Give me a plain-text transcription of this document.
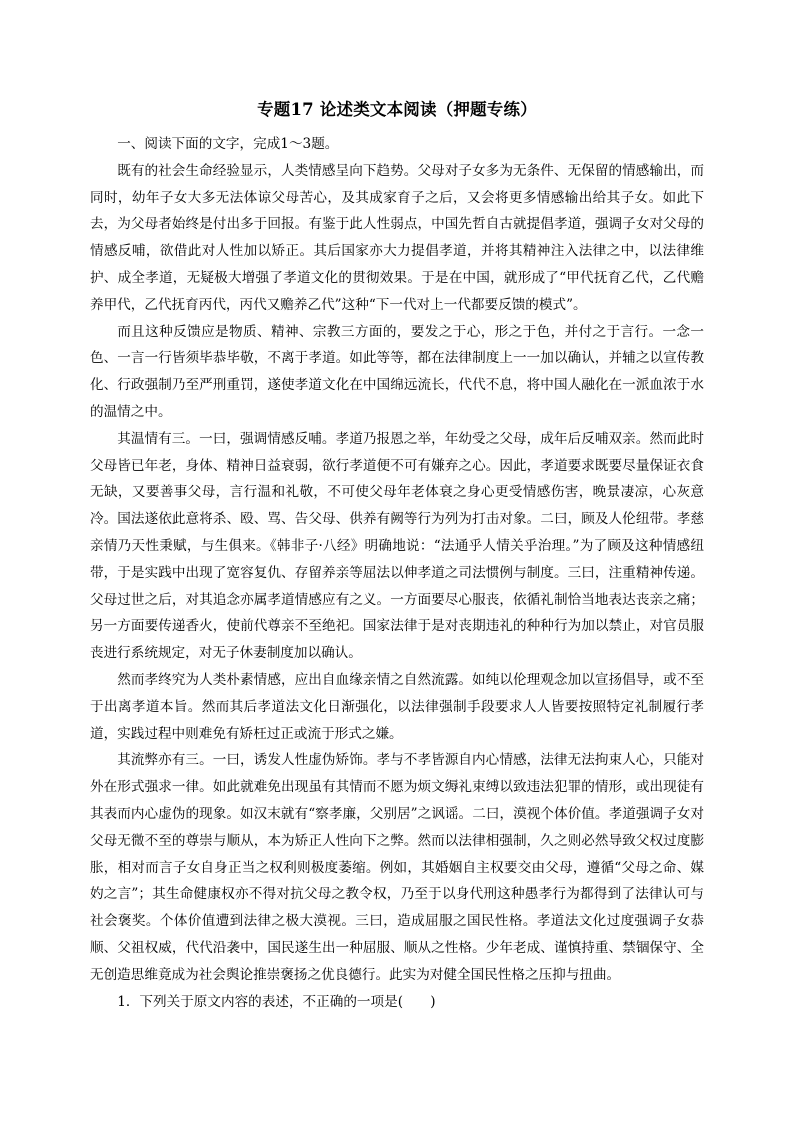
专题17 论述类文本阅读（押题专练）

一、阅读下面的文字，完成1～3题。

既有的社会生命经验显示，人类情感呈向下趋势。父母对子女多为无条件、无保留的情感输出，而同时，幼年子女大多无法体谅父母苦心，及其成家育子之后，又会将更多情感输出给其子女。如此下去，为父母者始终是付出多于回报。有鉴于此人性弱点，中国先哲自古就提倡孝道，强调子女对父母的情感反哺，欲借此对人性加以矫正。其后国家亦大力提倡孝道，并将其精神注入法律之中，以法律维护、成全孝道，无疑极大增强了孝道文化的贯彻效果。于是在中国，就形成了“甲代抚育乙代，乙代赡养甲代，乙代抚育丙代，丙代又赡养乙代”这种“下一代对上一代都要反馈的模式”。

而且这种反馈应是物质、精神、宗教三方面的，要发之于心，形之于色，并付之于言行。一念一色、一言一行皆须毕恭毕敬，不离于孝道。如此等等，都在法律制度上一一加以确认，并辅之以宣传教化、行政强制乃至严刑重罚，遂使孝道文化在中国绵远流长，代代不息，将中国人融化在一派血浓于水的温情之中。

其温情有三。一曰，强调情感反哺。孝道乃报恩之举，年幼受之父母，成年后反哺双亲。然而此时父母皆已年老，身体、精神日益衰弱，欲行孝道便不可有嫌弃之心。因此，孝道要求既要尽量保证衣食无缺，又要善事父母，言行温和礼敬，不可使父母年老体衰之身心更受情感伤害，晚景凄凉，心灰意冷。国法遂依此意将杀、殴、骂、告父母、供养有阙等行为列为打击对象。二曰，顾及人伦纽带。孝慈亲情乃天性秉赋，与生俱来。《韩非子·八经》明确地说：“法通乎人情关乎治理。”为了顾及这种情感纽带，于是实践中出现了宽容复仇、存留养亲等屈法以伸孝道之司法惯例与制度。三曰，注重精神传递。父母过世之后，对其追念亦属孝道情感应有之义。一方面要尽心服丧，依循礼制恰当地表达丧亲之痛；另一方面要传递香火，使前代尊亲不至绝祀。国家法律于是对丧期违礼的种种行为加以禁止，对官员服丧进行系统规定，对无子休妻制度加以确认。

然而孝终究为人类朴素情感，应出自血缘亲情之自然流露。如纯以伦理观念加以宣扬倡导，或不至于出离孝道本旨。然而其后孝道法文化日渐强化，以法律强制手段要求人人皆要按照特定礼制履行孝道，实践过程中则难免有矫枉过正或流于形式之嫌。

其流弊亦有三。一曰，诱发人性虚伪矫饰。孝与不孝皆源自内心情感，法律无法拘束人心，只能对外在形式强求一律。如此就难免出现虽有其情而不愿为烦文缛礼束缚以致违法犯罪的情形，或出现徒有其表而内心虚伪的现象。如汉末就有“察孝廉，父别居”之讽谣。二曰，漠视个体价值。孝道强调子女对父母无微不至的尊崇与顺从，本为矫正人性向下之弊。然而以法律相强制，久之则必然导致父权过度膨胀，相对而言子女自身正当之权利则极度萎缩。例如，其婚姻自主权要交由父母，遵循“父母之命、媒妁之言”；其生命健康权亦不得对抗父母之教令权，乃至于以身代刑这种愚孝行为都得到了法律认可与社会褒奖。个体价值遭到法律之极大漠视。三曰，造成屈服之国民性格。孝道法文化过度强调子女恭顺、父祖权威，代代沿袭中，国民遂生出一种屈服、顺从之性格。少年老成、谨慎持重、禁锢保守、全无创造思维竟成为社会舆论推崇褒扬之优良德行。此实为对健全国民性格之压抑与扭曲。

1．下列关于原文内容的表述，不正确的一项是(　　)
